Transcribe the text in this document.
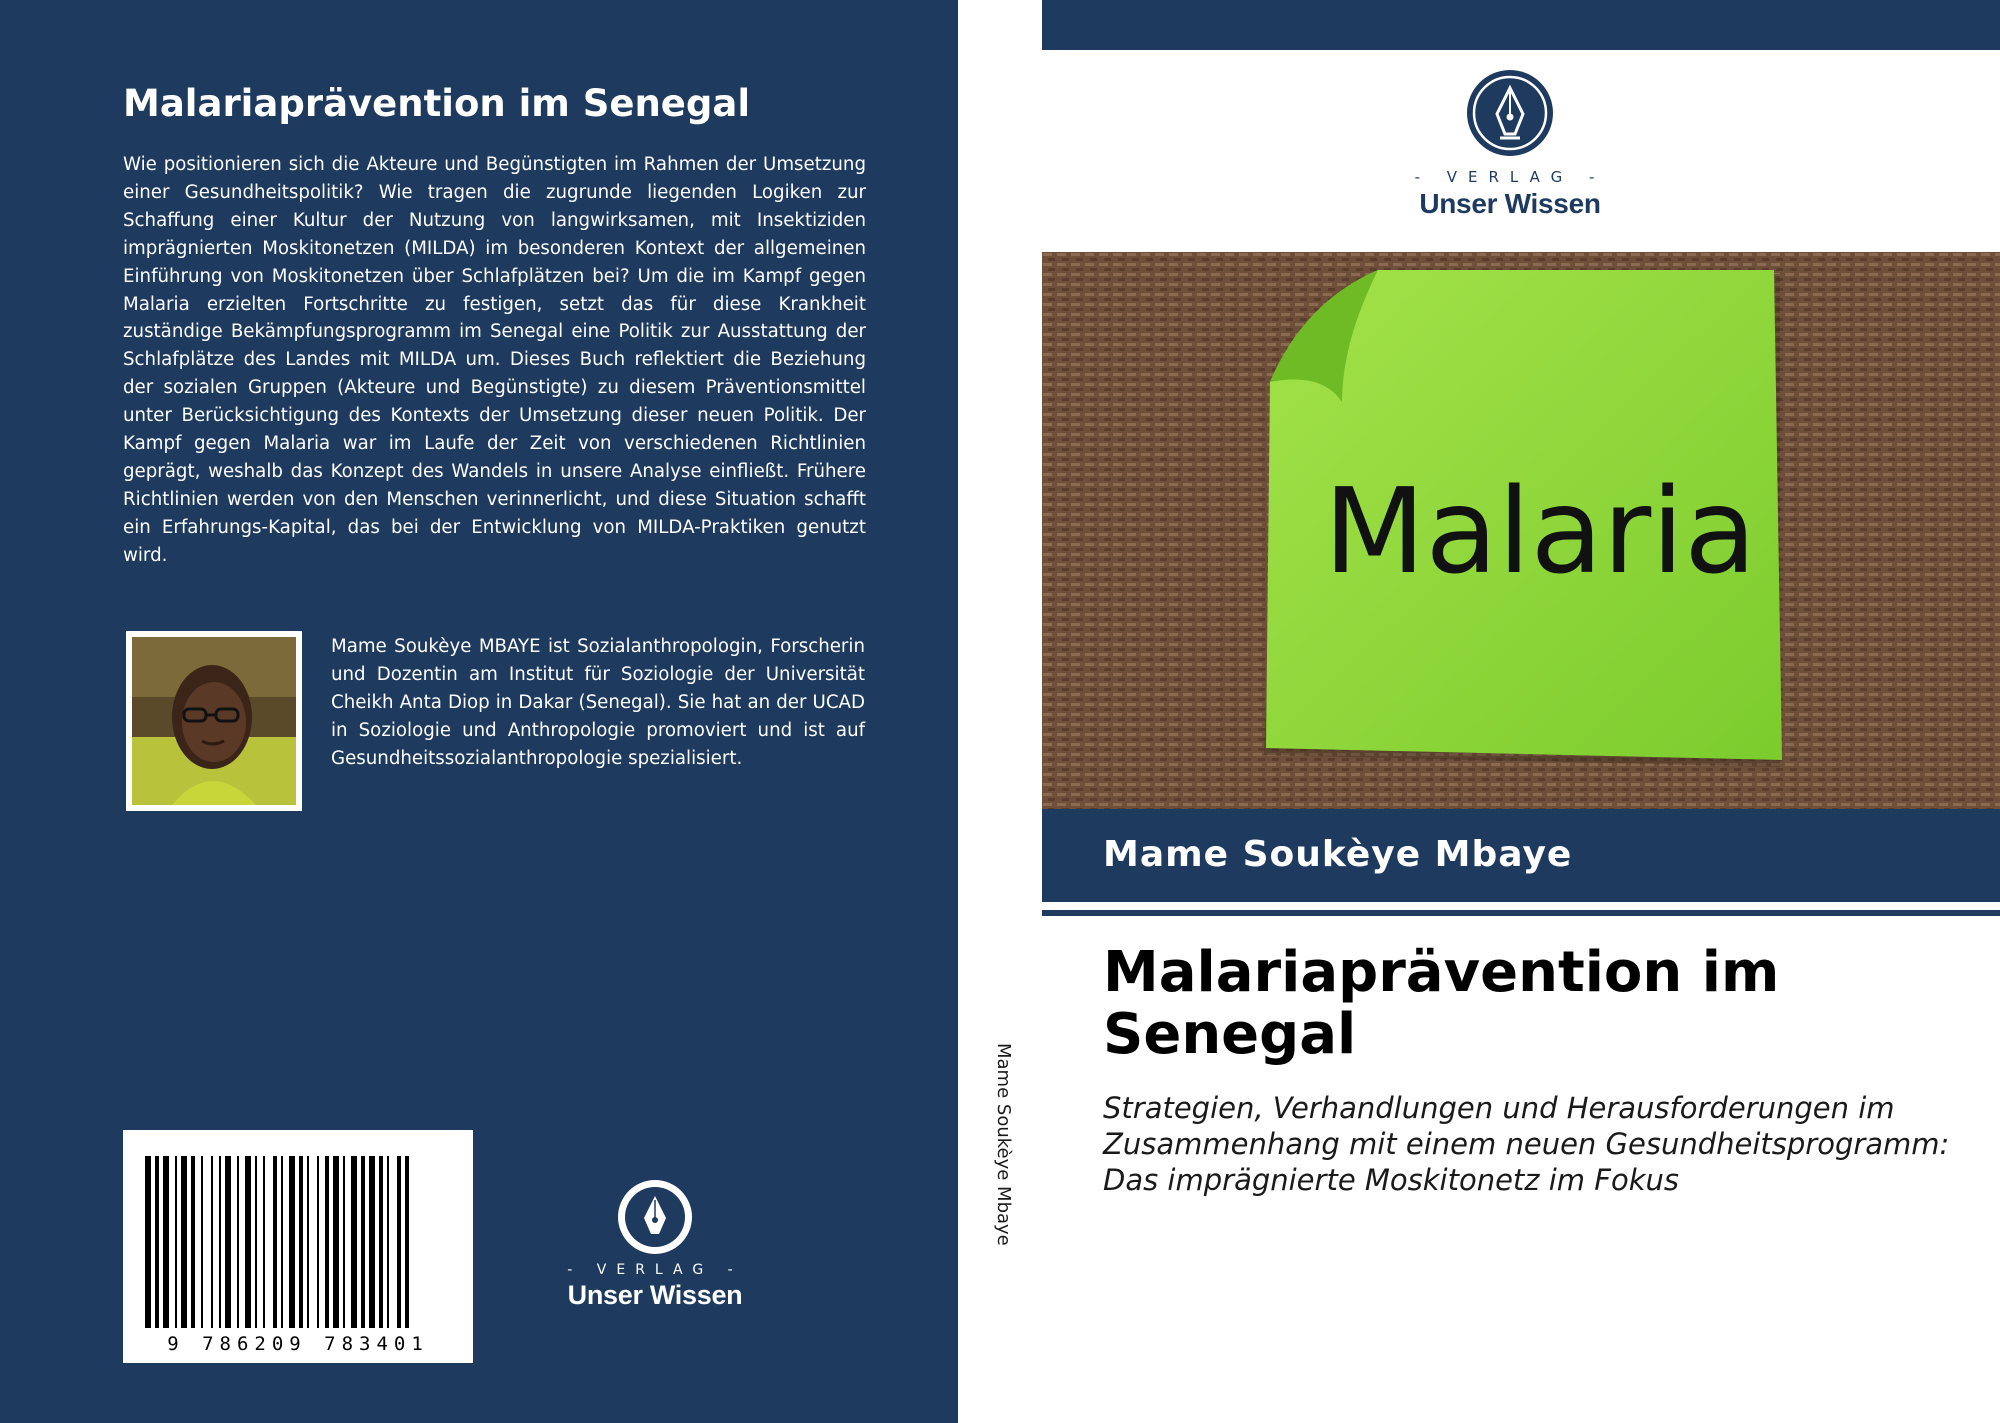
Malariaprävention im Senegal

Wie positionieren sich die Akteure und Begünstigten im Rahmen der Umsetzung einer Gesundheitspolitik? Wie tragen die zugrunde liegenden Logiken zur Schaffung einer Kultur der Nutzung von langwirksamen, mit Insektiziden imprägnierten Moskitonetzen (MILDA) im besonderen Kontext der allgemeinen Einführung von Moskitonetzen über Schlafplätzen bei? Um die im Kampf gegen Malaria erzielten Fortschritte zu festigen, setzt das für diese Krankheit zuständige Bekämpfungsprogramm im Senegal eine Politik zur Ausstattung der Schlafplätze des Landes mit MILDA um. Dieses Buch reflektiert die Beziehung der sozialen Gruppen (Akteure und Begünstigte) zu diesem Präventionsmittel unter Berücksichtigung des Kontexts der Umsetzung dieser neuen Politik. Der Kampf gegen Malaria war im Laufe der Zeit von verschiedenen Richtlinien geprägt, weshalb das Konzept des Wandels in unsere Analyse einfließt. Frühere Richtlinien werden von den Menschen verinnerlicht, und diese Situation schafft ein Erfahrungs-Kapital, das bei der Entwicklung von MILDA-Praktiken genutzt wird.

Mame Soukèye MBAYE ist Sozialanthropologin, Forscherin und Dozentin am Institut für Soziologie der Universität Cheikh Anta Diop in Dakar (Senegal). Sie hat an der UCAD in Soziologie und Anthropologie promoviert und ist auf Gesundheitssozialanthropologie spezialisiert.

9 786209 783401
- VERLAG -
Unser Wissen
Mame Soukèye Mbaye
- VERLAG -
Unser Wissen
Malaria
Mame Soukèye Mbaye
Malariaprävention im Senegal

Strategien, Verhandlungen und Herausforderungen im Zusammenhang mit einem neuen Gesundheitsprogramm: Das imprägnierte Moskitonetz im Fokus
